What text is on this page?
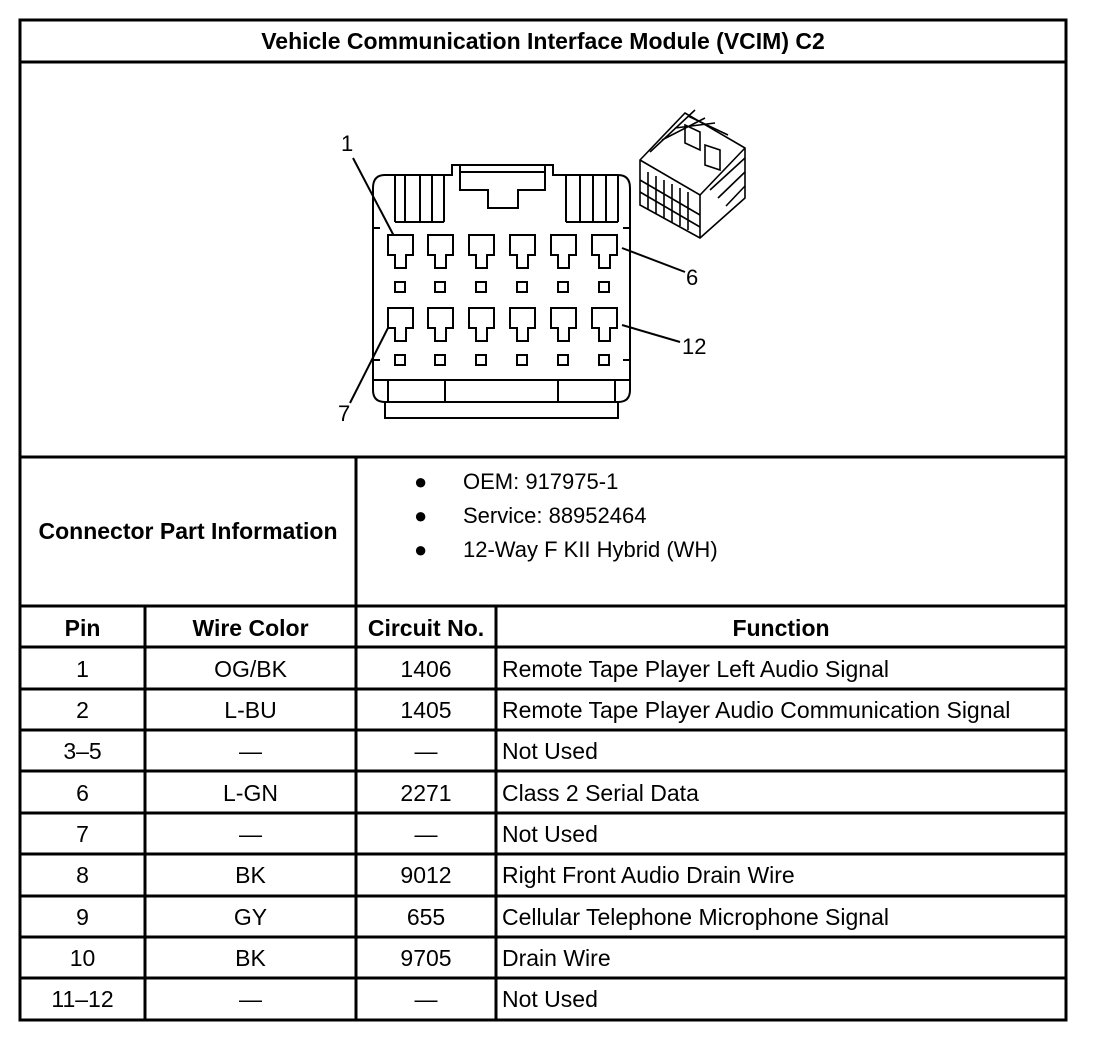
Vehicle Communication Interface Module (VCIM) C2
1
6
12
7
Connector Part Information
● OEM: 917975-1
● Service: 88952464
● 12-Way F KII Hybrid (WH)
Pin	Wire Color	Circuit No.	Function
1	OG/BK	1406	Remote Tape Player Left Audio Signal
2	L-BU	1405	Remote Tape Player Audio Communication Signal
3–5	—	—	Not Used
6	L-GN	2271	Class 2 Serial Data
7	—	—	Not Used
8	BK	9012	Right Front Audio Drain Wire
9	GY	655	Cellular Telephone Microphone Signal
10	BK	9705	Drain Wire
11–12	—	—	Not Used
